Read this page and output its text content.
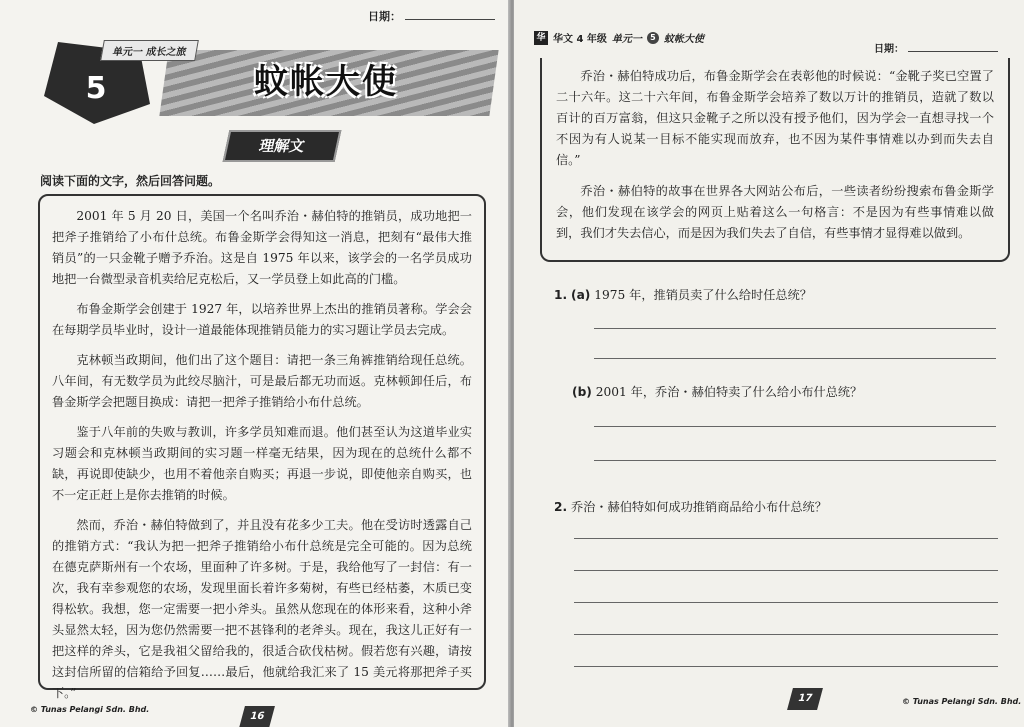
日期：
5
单元一 成长之旅
蚊帐大使
理解文
阅读下面的文字，然后回答问题。

2001 年 5 月 20 日，美国一个名叫乔治・赫伯特的推销员，成功地把一把斧子推销给了小布什总统。布鲁金斯学会得知这一消息，把刻有“最伟大推销员”的一只金靴子赠予乔治。这是自 1975 年以来，该学会的一名学员成功地把一台微型录音机卖给尼克松后，又一学员登上如此高的门槛。

布鲁金斯学会创建于 1927 年，以培养世界上杰出的推销员著称。学会会在每期学员毕业时，设计一道最能体现推销员能力的实习题让学员去完成。

克林顿当政期间，他们出了这个题目：请把一条三角裤推销给现任总统。八年间，有无数学员为此绞尽脑汁，可是最后都无功而返。克林顿卸任后，布鲁金斯学会把题目换成：请把一把斧子推销给小布什总统。

鉴于八年前的失败与教训，许多学员知难而退。他们甚至认为这道毕业实习题会和克林顿当政期间的实习题一样毫无结果，因为现在的总统什么都不缺，再说即使缺少，也用不着他亲自购买；再退一步说，即使他亲自购买，也不一定正赶上是你去推销的时候。

然而，乔治・赫伯特做到了，并且没有花多少工夫。他在受访时透露自己的推销方式：“我认为把一把斧子推销给小布什总统是完全可能的。因为总统在德克萨斯州有一个农场，里面种了许多树。于是，我给他写了一封信：有一次，我有幸参观您的农场，发现里面长着许多菊树，有些已经枯萎，木质已变得松软。我想，您一定需要一把小斧头。虽然从您现在的体形来看，这种小斧头显然太轻，因为您仍然需要一把不甚锋利的老斧头。现在，我这儿正好有一把这样的斧头，它是我祖父留给我的，很适合砍伐枯树。假若您有兴趣，请按这封信所留的信箱给予回复……最后，他就给我汇来了 15 美元将那把斧子买下。”

© Tunas Pelangi Sdn. Bhd.
16
华 华文 4 年级 单元一	5 蚊帐大使
日期：

乔治・赫伯特成功后，布鲁金斯学会在表彰他的时候说：“金靴子奖已空置了二十六年。这二十六年间，布鲁金斯学会培养了数以万计的推销员，造就了数以百计的百万富翁，但这只金靴子之所以没有授予他们，因为学会一直想寻找一个不因为有人说某一目标不能实现而放弃，也不因为某件事情难以办到而失去自信。”

乔治・赫伯特的故事在世界各大网站公布后，一些读者纷纷搜索布鲁金斯学会，他们发现在该学会的网页上贴着这么一句格言：不是因为有些事情难以做到，我们才失去信心，而是因为我们失去了自信，有些事情才显得难以做到。

1. (a) 1975 年，推销员卖了什么给时任总统？
(b) 2001 年，乔治・赫伯特卖了什么给小布什总统？
2. 乔治・赫伯特如何成功推销商品给小布什总统？
17	© Tunas Pelangi Sdn. Bhd.
